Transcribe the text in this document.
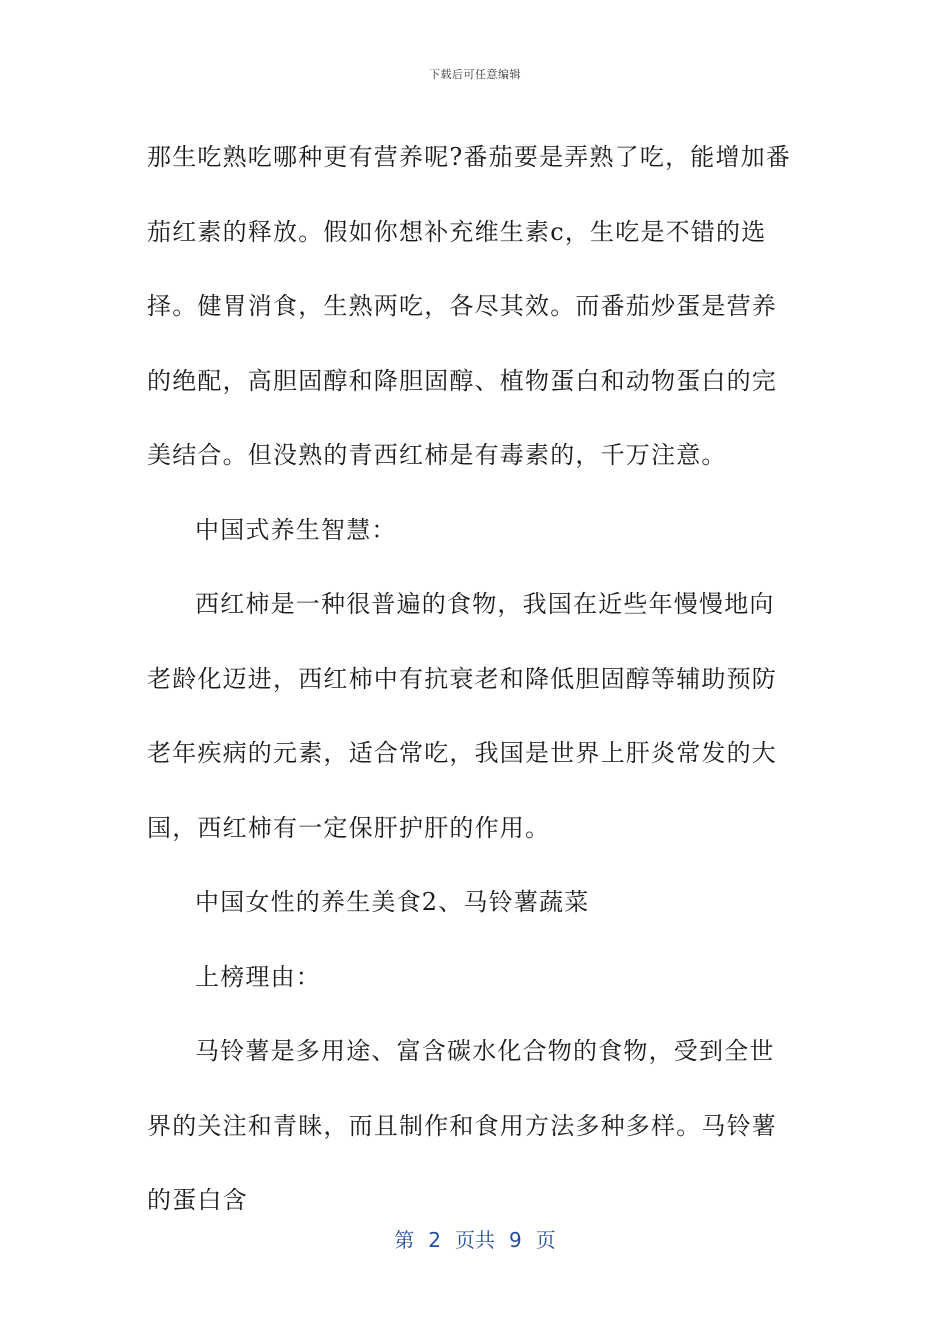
下载后可任意编辑

那生吃熟吃哪种更有营养呢?番茄要是弄熟了吃，能增加番茄红素的释放。假如你想补充维生素c，生吃是不错的选择。健胃消食，生熟两吃，各尽其效。而番茄炒蛋是营养的绝配，高胆固醇和降胆固醇、植物蛋白和动物蛋白的完美结合。但没熟的青西红柿是有毒素的，千万注意。

中国式养生智慧：

西红柿是一种很普遍的食物，我国在近些年慢慢地向老龄化迈进，西红柿中有抗衰老和降低胆固醇等辅助预防老年疾病的元素，适合常吃，我国是世界上肝炎常发的大国，西红柿有一定保肝护肝的作用。

中国女性的养生美食2、马铃薯蔬菜

上榜理由：

马铃薯是多用途、富含碳水化合物的食物，受到全世界的关注和青睐，而且制作和食用方法多种多样。马铃薯的蛋白含

第 2 页共 9 页
